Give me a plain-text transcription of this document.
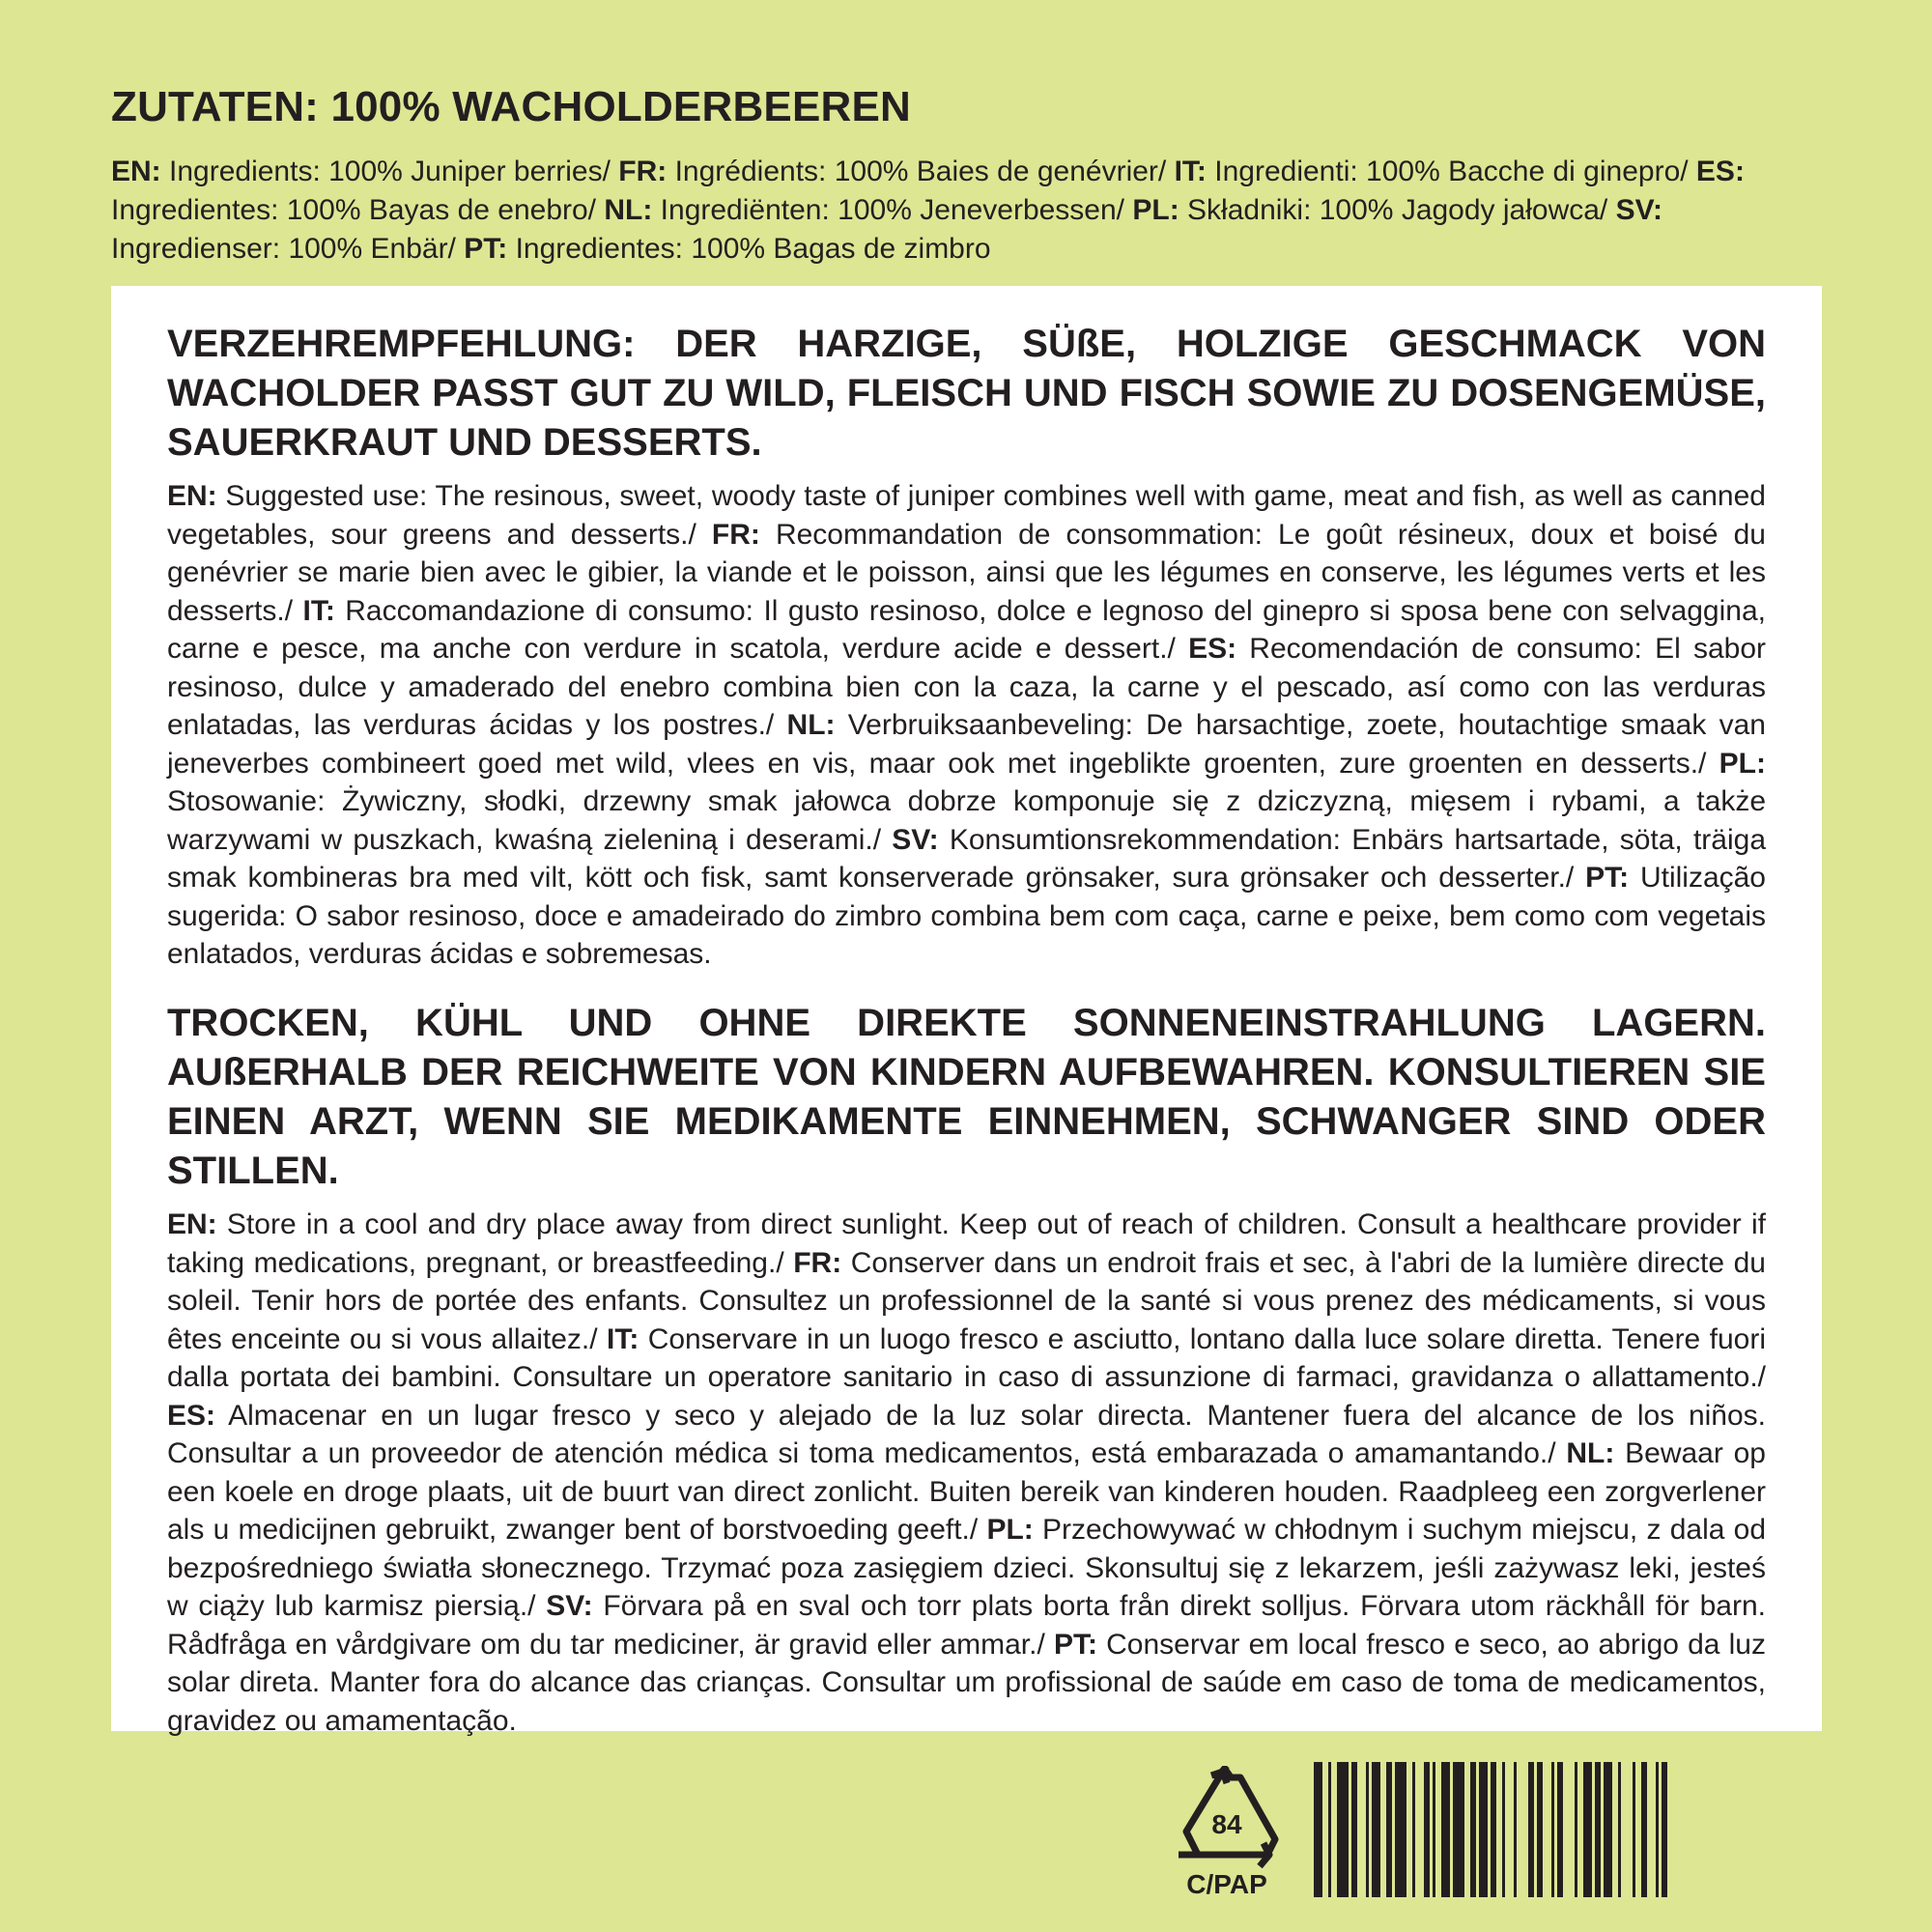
ZUTATEN: 100% WACHOLDERBEEREN

EN: Ingredients: 100% Juniper berries/ FR: Ingrédients: 100% Baies de genévrier/ IT: Ingredienti: 100% Bacche di ginepro/ ES: Ingredientes: 100% Bayas de enebro/ NL: Ingrediënten: 100% Jeneverbessen/ PL: Składniki: 100% Jagody jałowca/ SV: Ingredienser: 100% Enbär/ PT: Ingredientes: 100% Bagas de zimbro

VERZEHREMPFEHLUNG: DER HARZIGE, SÜßE, HOLZIGE GESCHMACK VON WACHOLDER PASST GUT ZU WILD, FLEISCH UND FISCH SOWIE ZU DOSENGEMÜSE, SAUERKRAUT UND DESSERTS.

EN: Suggested use: The resinous, sweet, woody taste of juniper combines well with game, meat and fish, as well as canned vegetables, sour greens and desserts./ FR: Recommandation de consommation: Le goût résineux, doux et boisé du genévrier se marie bien avec le gibier, la viande et le poisson, ainsi que les légumes en conserve, les légumes verts et les desserts./ IT: Raccomandazione di consumo: Il gusto resinoso, dolce e legnoso del ginepro si sposa bene con selvaggina, carne e pesce, ma anche con verdure in scatola, verdure acide e dessert./ ES: Recomendación de consumo: El sabor resinoso, dulce y amaderado del enebro combina bien con la caza, la carne y el pescado, así como con las verduras enlatadas, las verduras ácidas y los postres./ NL: Verbruiksaanbeveling: De harsachtige, zoete, houtachtige smaak van jeneverbes combineert goed met wild, vlees en vis, maar ook met ingeblikte groenten, zure groenten en desserts./ PL: Stosowanie: Żywiczny, słodki, drzewny smak jałowca dobrze komponuje się z dziczyzną, mięsem i rybami, a także warzywami w puszkach, kwaśną zieleniną i deserami./ SV: Konsumtionsrekommendation: Enbärs hartsartade, söta, träiga smak kombineras bra med vilt, kött och fisk, samt konserverade grönsaker, sura grönsaker och desserter./ PT: Utilização sugerida: O sabor resinoso, doce e amadeirado do zimbro combina bem com caça, carne e peixe, bem como com vegetais enlatados, verduras ácidas e sobremesas.

TROCKEN, KÜHL UND OHNE DIREKTE SONNENEINSTRAHLUNG LAGERN. AUßERHALB DER REICHWEITE VON KINDERN AUFBEWAHREN. KONSULTIEREN SIE EINEN ARZT, WENN SIE MEDIKAMENTE EINNEHMEN, SCHWANGER SIND ODER STILLEN.

EN: Store in a cool and dry place away from direct sunlight. Keep out of reach of children. Consult a healthcare provider if taking medications, pregnant, or breastfeeding./ FR: Conserver dans un endroit frais et sec, à l'abri de la lumière directe du soleil. Tenir hors de portée des enfants. Consultez un professionnel de la santé si vous prenez des médicaments, si vous êtes enceinte ou si vous allaitez./ IT: Conservare in un luogo fresco e asciutto, lontano dalla luce solare diretta. Tenere fuori dalla portata dei bambini. Consultare un operatore sanitario in caso di assunzione di farmaci, gravidanza o allattamento./ ES: Almacenar en un lugar fresco y seco y alejado de la luz solar directa. Mantener fuera del alcance de los niños. Consultar a un proveedor de atención médica si toma medicamentos, está embarazada o amamantando./ NL: Bewaar op een koele en droge plaats, uit de buurt van direct zonlicht. Buiten bereik van kinderen houden. Raadpleeg een zorgverlener als u medicijnen gebruikt, zwanger bent of borstvoeding geeft./ PL: Przechowywać w chłodnym i suchym miejscu, z dala od bezpośredniego światła słonecznego. Trzymać poza zasięgiem dzieci. Skonsultuj się z lekarzem, jeśli zażywasz leki, jesteś w ciąży lub karmisz piersią./ SV: Förvara på en sval och torr plats borta från direkt solljus. Förvara utom räckhåll för barn. Rådfråga en vårdgivare om du tar mediciner, är gravid eller ammar./ PT: Conservar em local fresco e seco, ao abrigo da luz solar direta. Manter fora do alcance das crianças. Consultar um profissional de saúde em caso de toma de medicamentos, gravidez ou amamentação.

84
C/PAP
